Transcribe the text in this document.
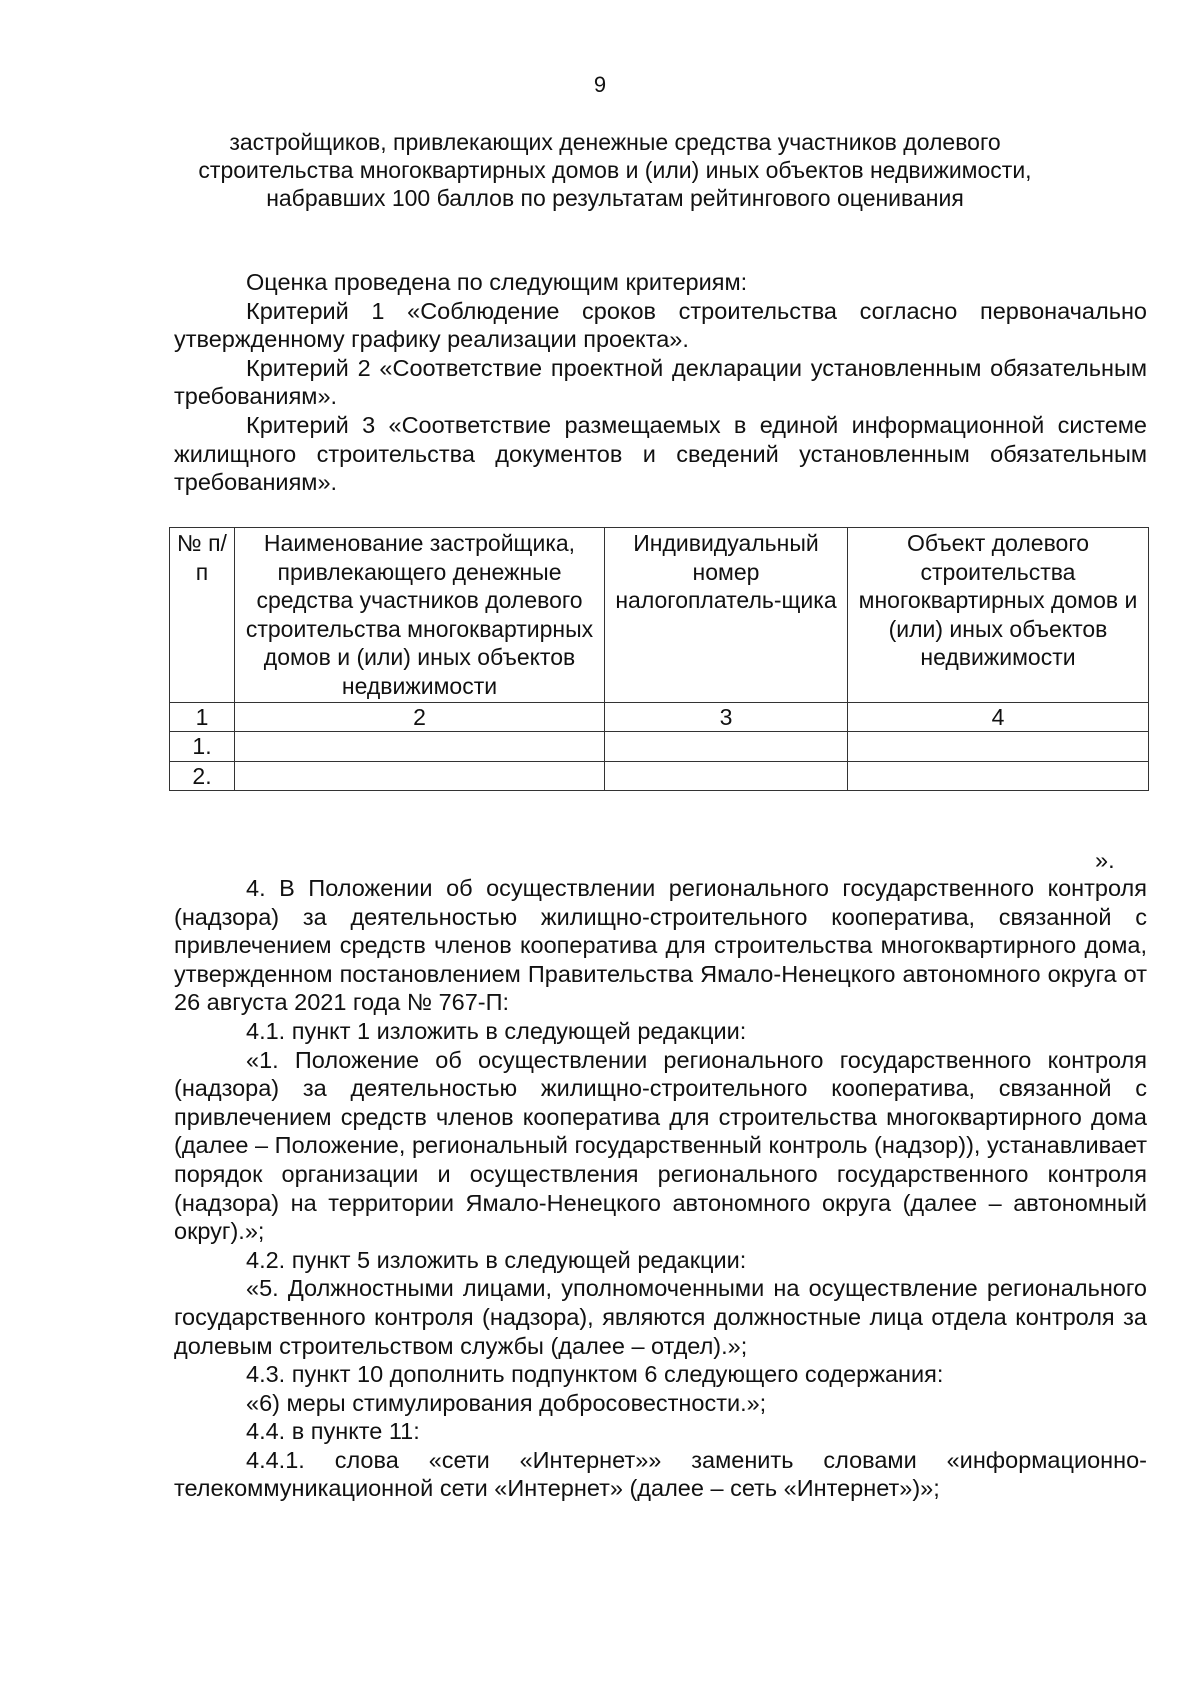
9
застройщиков, привлекающих денежные средства участников долевого
строительства многоквартирных домов и (или) иных объектов недвижимости,
набравших 100 баллов по результатам рейтингового оценивания

Оценка проведена по следующим критериям:

Критерий 1 «Соблюдение сроков строительства согласно первоначально утвержденному графику реализации проекта».

Критерий 2 «Соответствие проектной декларации установленным обязательным требованиям».

Критерий 3 «Соответствие размещаемых в единой информационной системе жилищного строительства документов и сведений установленным обязательным требованиям».

№ п/п	Наименование застройщика, привлекающего денежные средства участников долевого строительства многоквартирных домов и (или) иных объектов недвижимости	Индивидуальный номер налогоплатель-щика	Объект долевого строительства многоквартирных домов и (или) иных объектов недвижимости
1	2	3	4
1.			
2.			
».

4. В Положении об осуществлении регионального государственного контроля (надзора) за деятельностью жилищно-строительного кооператива, связанной с привлечением средств членов кооператива для строительства многоквартирного дома, утвержденном постановлением Правительства Ямало-Ненецкого автономного округа от 26 августа 2021 года № 767-П:

4.1. пункт 1 изложить в следующей редакции:

«1. Положение об осуществлении регионального государственного контроля (надзора) за деятельностью жилищно-строительного кооператива, связанной с привлечением средств членов кооператива для строительства многоквартирного дома (далее – Положение, региональный государственный контроль (надзор)), устанавливает порядок организации и осуществления регионального государственного контроля (надзора) на территории Ямало-Ненецкого автономного округа (далее – автономный округ).»;

4.2. пункт 5 изложить в следующей редакции:

«5. Должностными лицами, уполномоченными на осуществление регионального государственного контроля (надзора), являются должностные лица отдела контроля за долевым строительством службы (далее – отдел).»;

4.3. пункт 10 дополнить подпунктом 6 следующего содержания:

«6) меры стимулирования добросовестности.»;

4.4. в пункте 11:

4.4.1. слова «сети «Интернет»» заменить словами «информационно-телекоммуникационной сети «Интернет» (далее – сеть «Интернет»)»;
